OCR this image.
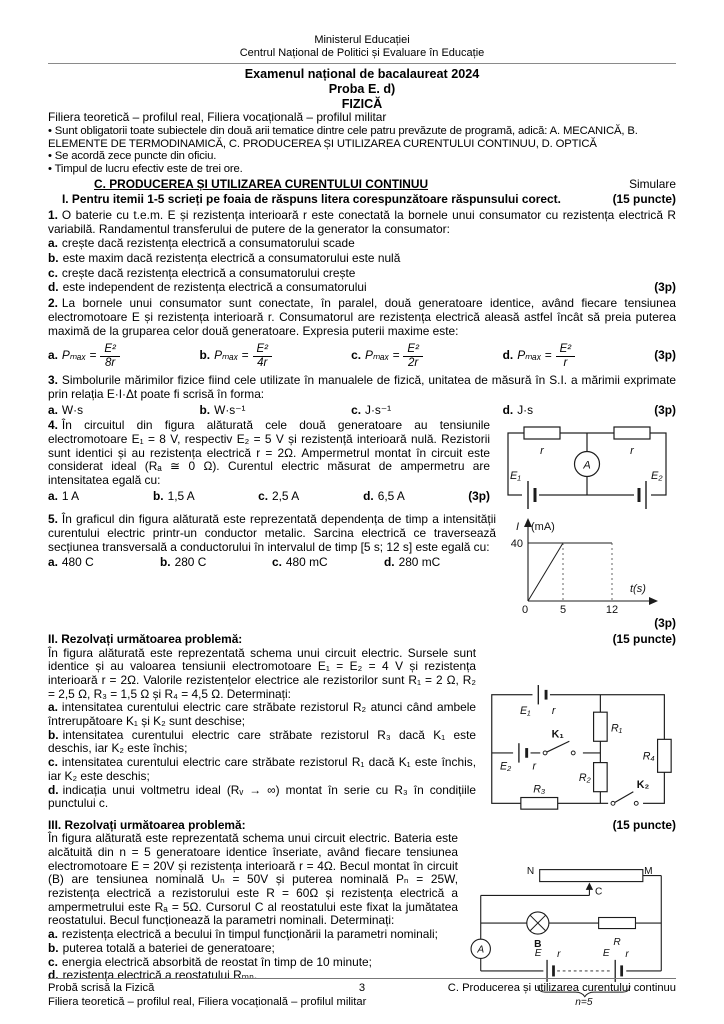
Ministerul Educației
Centrul Național de Politici și Evaluare în Educație
Examenul național de bacalaureat 2024
Proba E. d)
FIZICĂ
Filiera teoretică – profilul real, Filiera vocațională – profilul militar

• Sunt obligatorii toate subiectele din două arii tematice dintre cele patru prevăzute de programă, adică: A. MECANICĂ, B. ELEMENTE DE TERMODINAMICĂ, C. PRODUCEREA ȘI UTILIZAREA CURENTULUI CONTINUU, D. OPTICĂ

• Se acordă zece puncte din oficiu.

• Timpul de lucru efectiv este de trei ore.

C. PRODUCEREA ȘI UTILIZAREA CURENTULUI CONTINUU	Simulare
I. Pentru itemii 1-5 scrieți pe foaia de răspuns litera corespunzătoare răspunsului corect.	(15 puncte)

1. O baterie cu t.e.m. E și rezistența interioară r este conectată la bornele unui consumator cu rezistența electrică R variabilă. Randamentul transferului de putere de la generator la consumator:

a. crește dacă rezistența electrică a consumatorului scade
b. este maxim dacă rezistența electrică a consumatorului este nulă
c. crește dacă rezistența electrică a consumatorului crește
d. este independent de rezistența electrică a consumatorului	(3p)

2. La bornele unui consumator sunt conectate, în paralel, două generatoare identice, având fiecare tensiunea electromotoare E și rezistența interioară r. Consumatorul are rezistența electrică aleasă astfel încât să preia puterea maximă de la gruparea celor două generatoare. Expresia puterii maxime este:

a. $P_{max} = \frac{\text{E²}}{8r}$	b. $P_{max} = \frac{\text{E²}}{4r}$	c. $P_{max} = \frac{\text{E²}}{2r}$	d. $P_{max} = \frac{\text{E²}}{r}$	(3p)

3. Simbolurile mărimilor fizice fiind cele utilizate în manualele de fizică, unitatea de măsură în S.I. a mărimii exprimate prin relația E·I·Δt poate fi scrisă în forma:

a. W·s	b. W·s⁻¹	c. J·s⁻¹	d. J·s	(3p)
A
r	r
E₁	E₂

4. În circuitul din figura alăturată cele două generatoare au tensiunile electromotoare E₁ = 8 V, respectiv E₂ = 5 V și rezistență interioară nulă. Rezistorii sunt identici și au rezistența electrică r = 2Ω. Ampermetrul montat în circuit este considerat ideal (Rₐ ≅ 0 Ω). Curentul electric măsurat de ampermetru are intensitatea egală cu:

a. 1 A	b. 1,5 A	c. 2,5 A	d. 6,5 A	(3p)
I (mA)
40
0	5	12
t(s)

5. În graficul din figura alăturată este reprezentată dependența de timp a intensității curentului electric printr-un conductor metalic. Sarcina electrică ce traversează secțiunea transversală a conductorului în intervalul de timp [5 s; 12 s] este egală cu:

a. 480 C	b. 280 C	c. 480 mC	d. 280 mC
(3p)
II. Rezolvați următoarea problemă:	(15 puncte)
E₁ r
E₂ r
K₁
K₂
R₁
R₂
R₃
R₄

În figura alăturată este reprezentată schema unui circuit electric. Sursele sunt identice și au valoarea tensiunii electromotoare E₁ = E₂ = 4 V și rezistența interioară r = 2Ω. Valorile rezistențelor electrice ale rezistorilor sunt R₁ = 2 Ω, R₂ = 2,5 Ω, R₃ = 1,5 Ω și R₄ = 4,5 Ω. Determinați:

a. intensitatea curentului electric care străbate rezistorul R₂ atunci când ambele întrerupătoare K₁ și K₂ sunt deschise;

b. intensitatea curentului electric care străbate rezistorul R₃ dacă K₁ este deschis, iar K₂ este închis;

c. intensitatea curentului electric care străbate rezistorul R₁ dacă K₁ este închis, iar K₂ este deschis;

d. indicația unui voltmetru ideal (Rᵥ → ∞) montat în serie cu R₃ în condițiile punctului c.

III. Rezolvați următoarea problemă:	(15 puncte)
A
N	M
C
B	R
E r	E r
n=5

În figura alăturată este reprezentată schema unui circuit electric. Bateria este alcătuită din n = 5 generatoare identice înseriate, având fiecare tensiunea electromotoare E = 20V și rezistența interioară r = 4Ω. Becul montat în circuit (B) are tensiunea nominală Uₙ = 50V și puterea nominală Pₙ = 25W, rezistența electrică a rezistorului este R = 60Ω și rezistența electrică a ampermetrului este Rₐ = 5Ω. Cursorul C al reostatului este fixat la jumătatea reostatului. Becul funcționează la parametri nominali. Determinați:

a. rezistența electrică a becului în timpul funcționării la parametri nominali;

b. puterea totală a bateriei de generatoare;

c. energia electrică absorbită de reostat în timp de 10 minute;

d. rezistența electrică a reostatului Rₘₙ.

Probă scrisă la Fizică	3	C. Producerea și utilizarea curentului continuu
Filiera teoretică – profilul real, Filiera vocațională – profilul militar
